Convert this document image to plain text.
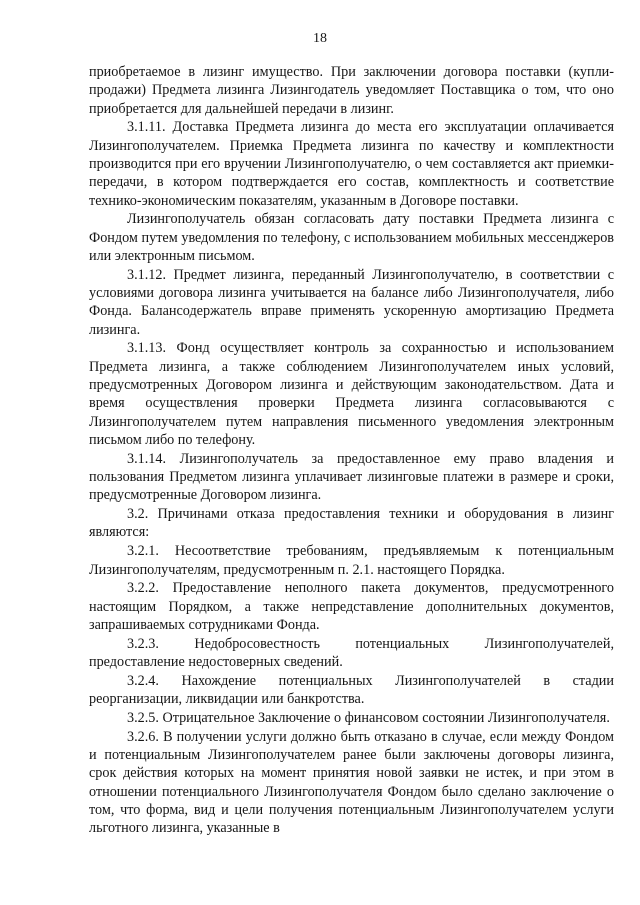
18

приобретаемое в лизинг имущество. При заключении договора поставки (купли-продажи) Предмета лизинга Лизингодатель уведомляет Поставщика о том, что оно приобретается для дальнейшей передачи в лизинг.

3.1.11. Доставка Предмета лизинга до места его эксплуатации оплачивается Лизингополучателем. Приемка Предмета лизинга по качеству и комплектности производится при его вручении Лизингополучателю, о чем составляется акт приемки-передачи, в котором подтверждается его состав, комплектность и соответствие технико-экономическим показателям, указанным в Договоре поставки.

Лизингополучатель обязан согласовать дату поставки Предмета лизинга с Фондом путем уведомления по телефону, с использованием мобильных мессенджеров или электронным письмом.

3.1.12. Предмет лизинга, переданный Лизингополучателю, в соответствии с условиями договора лизинга учитывается на балансе либо Лизингополучателя, либо Фонда. Балансодержатель вправе применять ускоренную амортизацию Предмета лизинга.

3.1.13. Фонд осуществляет контроль за сохранностью и использованием Предмета лизинга, а также соблюдением Лизингополучателем иных условий, предусмотренных Договором лизинга и действующим законодательством. Дата и время осуществления проверки Предмета лизинга согласовываются с Лизингополучателем путем направления письменного уведомления электронным письмом либо по телефону.

3.1.14. Лизингополучатель за предоставленное ему право владения и пользования Предметом лизинга уплачивает лизинговые платежи в размере и сроки, предусмотренные Договором лизинга.

3.2. Причинами отказа предоставления техники и оборудования в лизинг являются:

3.2.1. Несоответствие требованиям, предъявляемым к потенциальным Лизингополучателям, предусмотренным п. 2.1. настоящего Порядка.

3.2.2. Предоставление неполного пакета документов, предусмотренного настоящим Порядком, а также непредставление дополнительных документов, запрашиваемых сотрудниками Фонда.

3.2.3. Недобросовестность потенциальных Лизингополучателей, предоставление недостоверных сведений.

3.2.4. Нахождение потенциальных Лизингополучателей в стадии реорганизации, ликвидации или банкротства.

3.2.5. Отрицательное Заключение о финансовом состоянии Лизингополучателя.

3.2.6. В получении услуги должно быть отказано в случае, если между Фондом и потенциальным Лизингополучателем ранее были заключены договоры лизинга, срок действия которых на момент принятия новой заявки не истек, и при этом в отношении потенциального Лизингополучателя Фондом было сделано заключение о том, что форма, вид и цели получения потенциальным Лизингополучателем услуги льготного лизинга, указанные в
